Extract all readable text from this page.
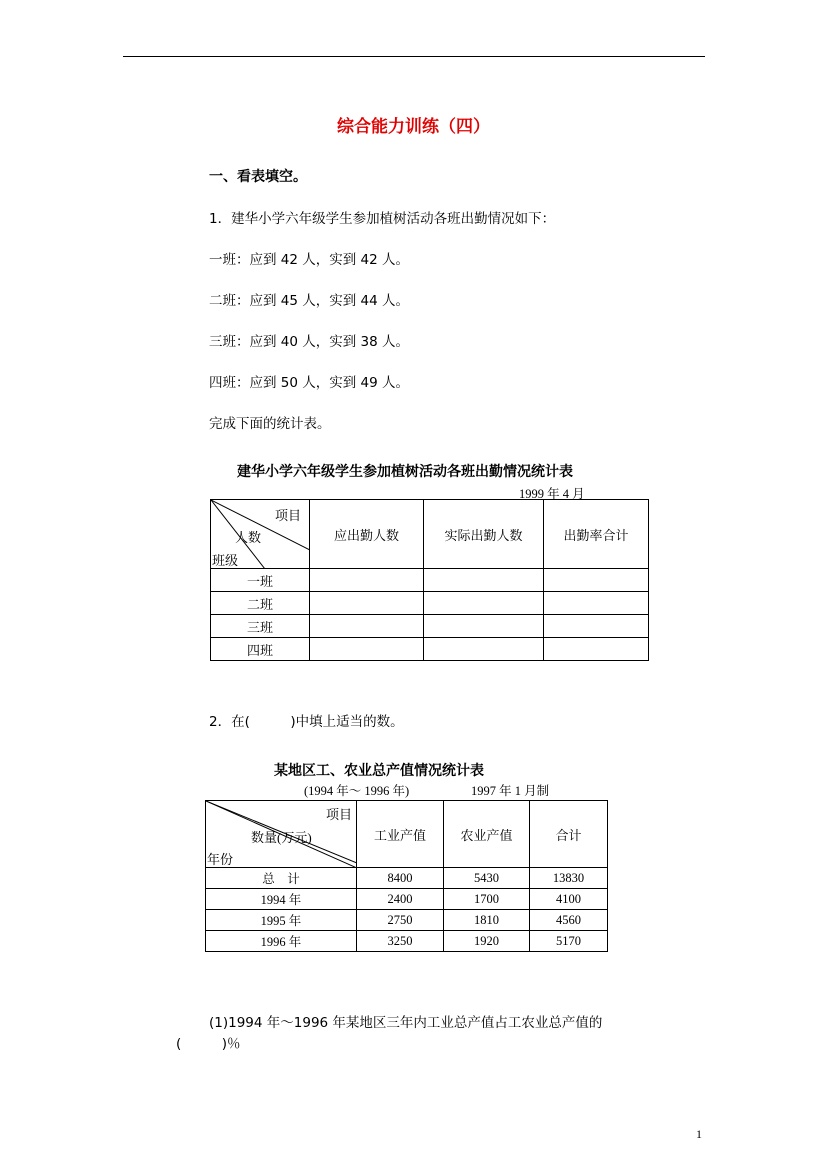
综合能力训练（四）
一、看表填空。
1．建华小学六年级学生参加植树活动各班出勤情况如下：
一班：应到 42 人，实到 42 人。
二班：应到 45 人，实到 44 人。
三班：应到 40 人，实到 38 人。
四班：应到 50 人，实到 49 人。
完成下面的统计表。
建华小学六年级学生参加植树活动各班出勤情况统计表
1999 年 4 月
项目
人数
班级	应出勤人数	实际出勤人数	出勤率合计
一班			
二班			
三班			
四班			
2．在(　　　)中填上适当的数。
某地区工、农业总产值情况统计表
(1994 年～ 1996 年)	1997 年 1 月制
项目
数量(万元)
年份	工业产值	农业产值	合计
总　计	8400	5430	13830
1994 年	2400	1700	4100
1995 年	2750	1810	4560
1996 年	3250	1920	5170
(1)1994 年～1996 年某地区三年内工业总产值占工农业总产值的
(　　　)％
1
